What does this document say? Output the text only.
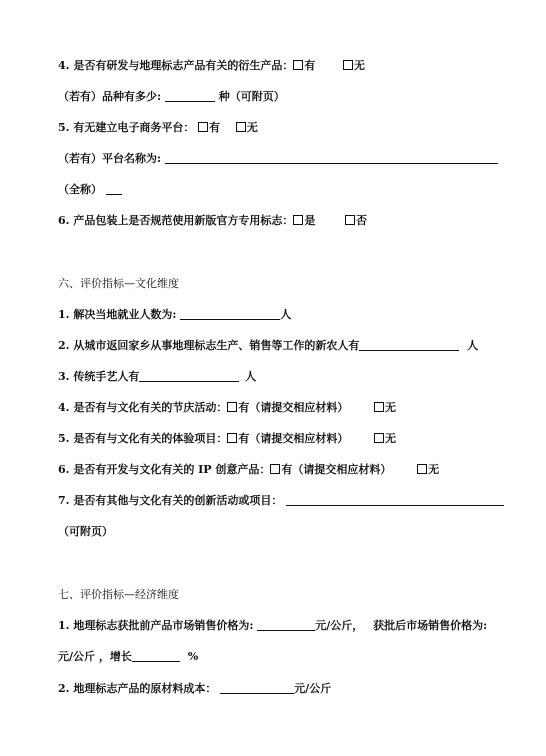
4. 是否有研发与地理标志产品有关的衍生产品： 有	无
（若有）品种有多少:	种（可附页）
5. 有无建立电子商务平台： 有 无
（若有）平台名称为:
（全称）
6. 产品包装上是否规范使用新版官方专用标志： 是	否
六、评价指标—文化维度
1. 解决当地就业人数为:	人
2. 从城市返回家乡从事地理标志生产、销售等工作的新农人有	人
3. 传统手艺人有	人
4. 是否有与文化有关的节庆活动： 有（请提交相应材料）	无
5. 是否有与文化有关的体验项目： 有（请提交相应材料）	无
6. 是否有开发与文化有关的 IP 创意产品： 有（请提交相应材料）	无
7. 是否有其他与文化有关的创新活动或项目：
（可附页）
七、评价指标—经济维度
1. 地理标志获批前产品市场销售价格为:	元/公斤， 获批后市场销售价格为:
元/公斤 ，增长	%
2. 地理标志产品的原材料成本：	元/公斤
